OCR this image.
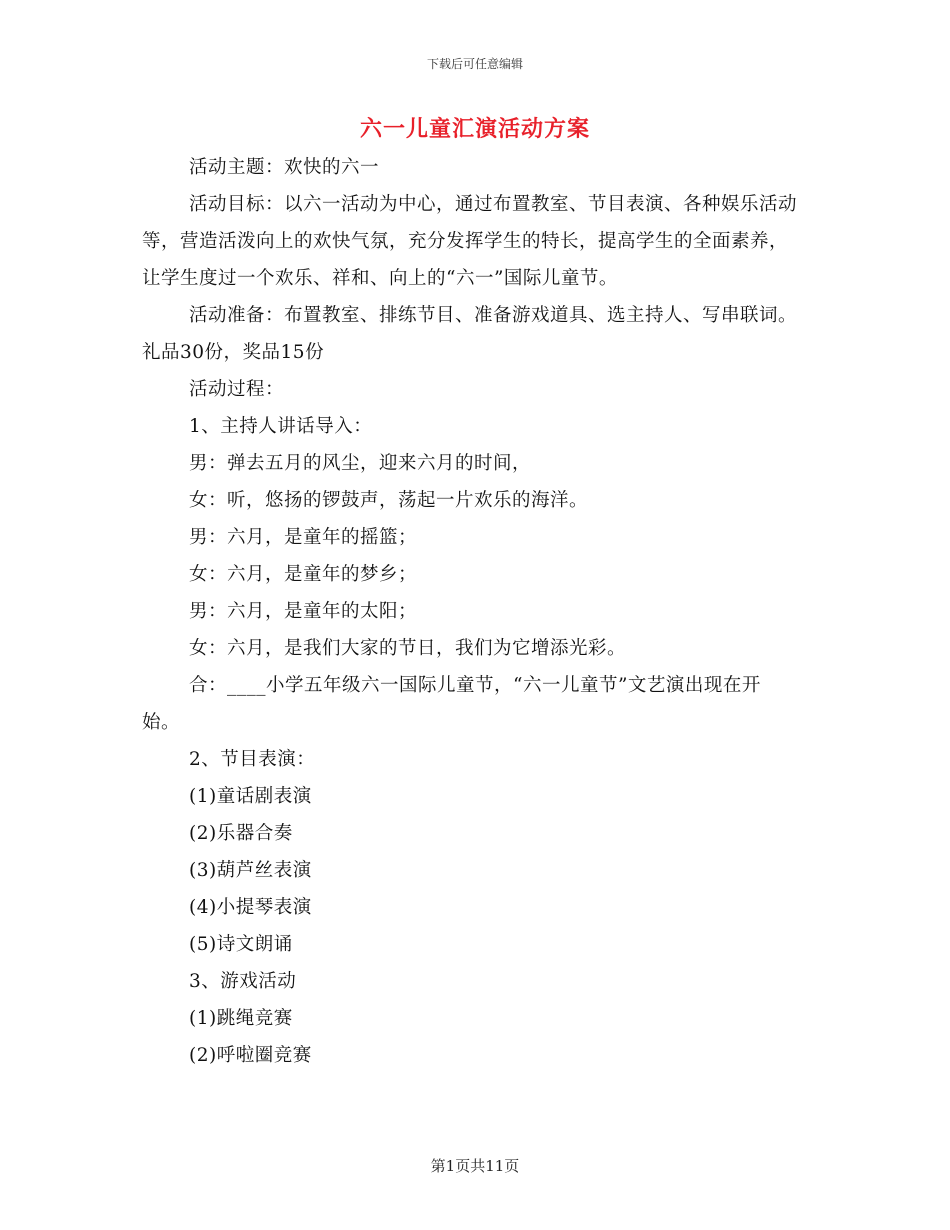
下载后可任意编辑
六一儿童汇演活动方案

活动主题：欢快的六一

活动目标：以六一活动为中心，通过布置教室、节目表演、各种娱乐活动等，营造活泼向上的欢快气氛，充分发挥学生的特长，提高学生的全面素养，让学生度过一个欢乐、祥和、向上的“六一”国际儿童节。

活动准备：布置教室、排练节目、准备游戏道具、选主持人、写串联词。礼品30份，奖品15份

活动过程：

1、主持人讲话导入：

男：弹去五月的风尘，迎来六月的时间，

女：听，悠扬的锣鼓声，荡起一片欢乐的海洋。

男：六月，是童年的摇篮；

女：六月，是童年的梦乡；

男：六月，是童年的太阳；

女：六月，是我们大家的节日，我们为它增添光彩。

合：____小学五年级六一国际儿童节，“六一儿童节”文艺演出现在开始。

2、节目表演：

(1)童话剧表演

(2)乐器合奏

(3)葫芦丝表演

(4)小提琴表演

(5)诗文朗诵

3、游戏活动

(1)跳绳竞赛

(2)呼啦圈竞赛

第1页共11页
